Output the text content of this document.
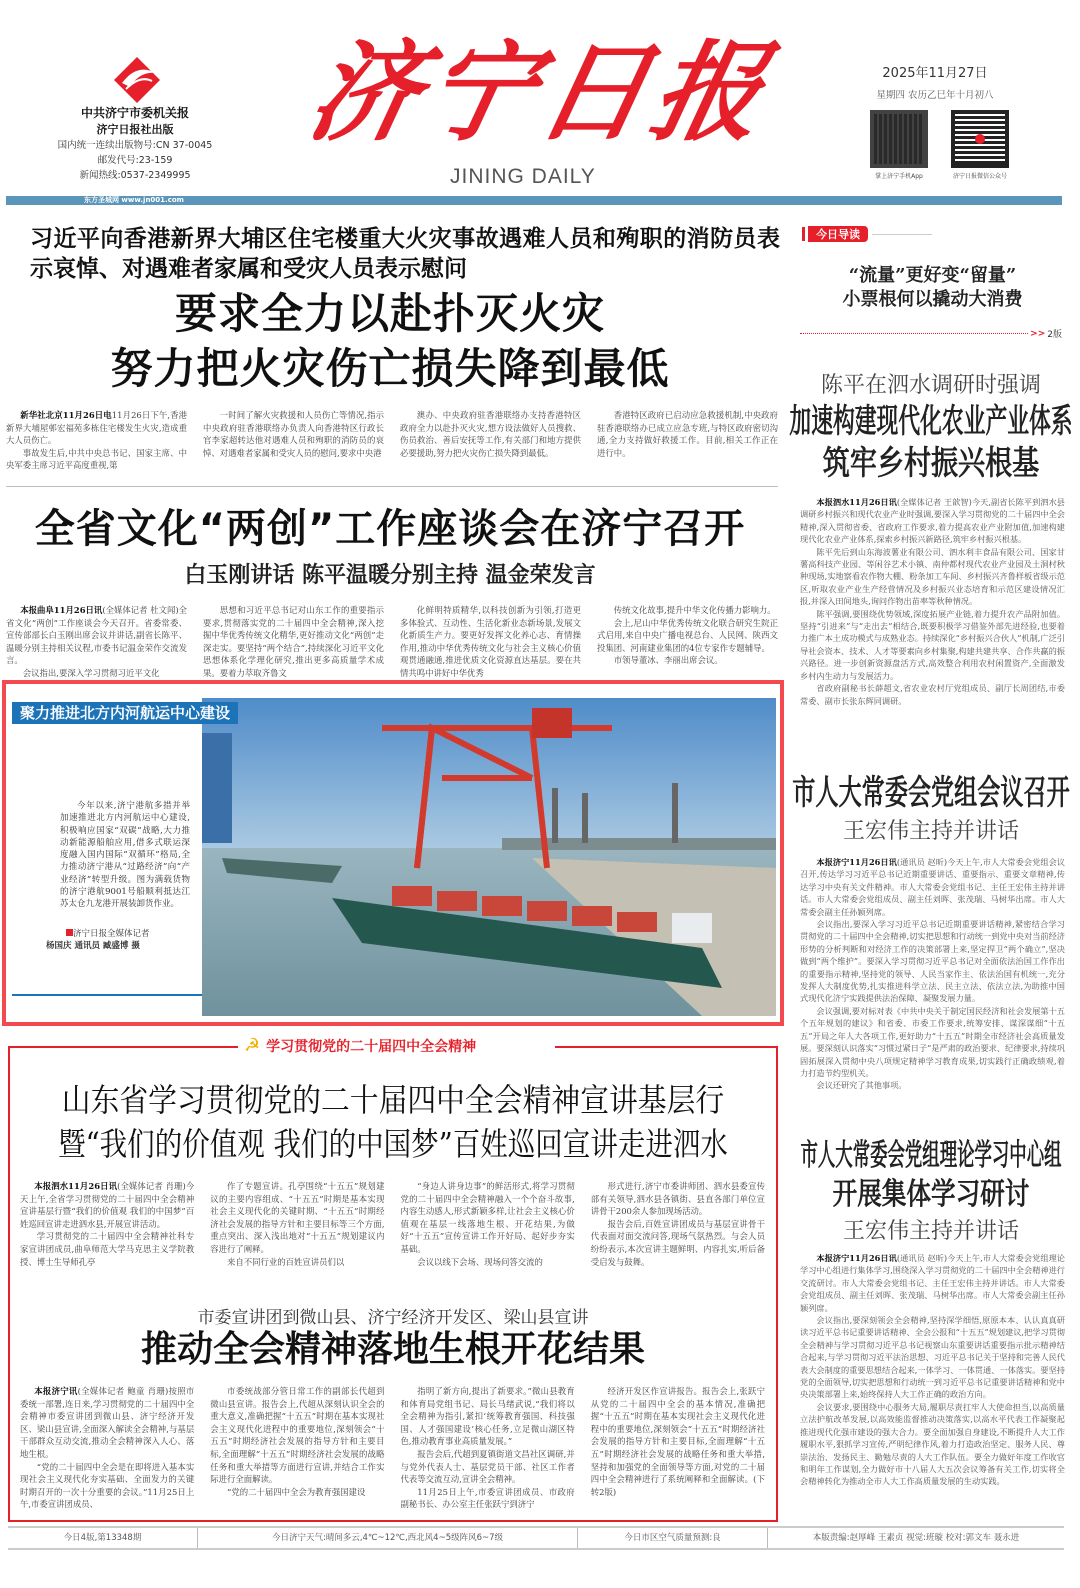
中共济宁市委机关报
济宁日报社出版
国内统一连续出版物号:CN 37-0045
邮发代号:23-159
新闻热线:0537-2349995
济宁日报
JINING DAILY
2025年11月27日
星期四 农历乙巳年十月初八
掌上济宁手机App	济宁日报微信公众号
东方圣城网 www.jn001.com
习近平向香港新界大埔区住宅楼重大火灾事故遇难人员和殉职的消防员表示哀悼、对遇难者家属和受灾人员表示慰问
要求全力以赴扑灭火灾
努力把火灾伤亡损失降到最低

新华社北京11月26日电11月26日下午,香港新界大埔屋邨宏福苑多栋住宅楼发生火灾,造成重大人员伤亡。

事故发生后,中共中央总书记、国家主席、中央军委主席习近平高度重视,第

一时间了解火灾救援和人员伤亡等情况,指示中央政府驻香港联络办负责人向香港特区行政长官李家超转达他对遇难人员和殉职的消防员的哀悼、对遇难者家属和受灾人员的慰问,要求中央港

澳办、中央政府驻香港联络办支持香港特区政府全力以赴扑灭火灾,想方设法做好人员搜救、伤员救治、善后安抚等工作,有关部门和地方提供必要援助,努力把火灾伤亡损失降到最低。

香港特区政府已启动应急救援机制,中央政府驻香港联络办已成立应急专班,与特区政府密切沟通,全力支持做好救援工作。目前,相关工作正在进行中。

全省文化“两创”工作座谈会在济宁召开
白玉刚讲话 陈平温暖分别主持 温金荣发言

本报曲阜11月26日讯(全媒体记者 杜文闻)全省文化“两创”工作座谈会今天召开。省委常委、宣传部部长白玉刚出席会议并讲话,副省长陈平、温暖分别主持相关议程,市委书记温金荣作交流发言。

会议指出,要深入学习贯彻习近平文化

思想和习近平总书记对山东工作的重要指示要求,贯彻落实党的二十届四中全会精神,深入挖掘中华优秀传统文化精华,更好推动文化“两创”走深走实。要坚持“两个结合”,持续深化习近平文化思想体系化学理化研究,推出更多高质量学术成果。要着力萃取齐鲁文

化鲜明特质精华,以科技创新为引领,打造更多体验式、互动性、生活化新业态新场景,发展文化新质生产力。要更好发挥文化养心志、育情操作用,推动中华优秀传统文化与社会主义核心价值观贯通融通,推进优质文化资源直达基层。要在共情共鸣中讲好中华优秀

传统文化故事,提升中华文化传播力影响力。

会上,尼山中华优秀传统文化联合研究生院正式启用,来自中央广播电视总台、人民网、陕西文投集团、河南建业集团的4位专家作专题辅导。

市领导董冰、李丽出席会议。

聚力推进北方内河航运中心建设
今年以来,济宁港航多措并举加速推进北方内河航运中心建设,积极响应国家“双碳”战略,大力推动新能源船舶应用,借多式联运深度融入国内国际“双循环”格局,全力推动济宁港从“过路经济”向“产业经济”转型升级。图为满载货物的济宁港航9001号船顺利抵达江苏太仓九龙港开展装卸货作业。
济宁日报全媒体记者
杨国庆 通讯员 臧盛博 摄
☭ 学习贯彻党的二十届四中全会精神
山东省学习贯彻党的二十届四中全会精神宣讲基层行
暨“我们的价值观 我们的中国梦”百姓巡回宣讲走进泗水

本报泗水11月26日讯(全媒体记者 肖珊)今天上午,全省学习贯彻党的二十届四中全会精神宣讲基层行暨“我们的价值观 我们的中国梦”百姓巡回宣讲走进泗水县,开展宣讲活动。

学习贯彻党的二十届四中全会精神社科专家宣讲团成员,曲阜师范大学马克思主义学院教授、博士生导师孔亭

作了专题宣讲。孔亭围绕“十五五”规划建议的主要内容组成、“十五五”时期是基本实现社会主义现代化的关键时期、“十五五”时期经济社会发展的指导方针和主要目标等三个方面,重点突出、深入浅出地对“十五五”规划建议内容进行了阐释。

来自不同行业的百姓宣讲员们以

“身边人讲身边事”的鲜活形式,将学习贯彻党的二十届四中全会精神融入一个个奋斗故事,内容生动感人,形式新颖多样,让社会主义核心价值观在基层一线落地生根、开花结果,为做好“十五五”宣传宣讲工作开好局、起好步夯实基础。

会议以线下会场、现场问答交流的

形式进行,济宁市委讲师团、泗水县委宣传部有关领导,泗水县各镇街、县直各部门单位宣讲骨干200余人参加现场活动。

报告会后,百姓宣讲团成员与基层宣讲骨干代表面对面交流问答,现场气氛热烈。与会人员纷纷表示,本次宣讲主题鲜明、内容扎实,听后备受启发与鼓舞。

市委宣讲团到微山县、济宁经济开发区、梁山县宣讲
推动全会精神落地生根开花结果

本报济宁讯(全媒体记者 鲍童 肖珊)按照市委统一部署,连日来,学习贯彻党的二十届四中全会精神市委宣讲团到微山县、济宁经济开发区、梁山县宣讲,全面深入解读全会精神,与基层干部群众互动交流,推动全会精神深入人心、落地生根。

“党的二十届四中全会是在即将进入基本实现社会主义现代化夯实基础、全面发力的关键时期召开的一次十分重要的会议。”11月25日上午,市委宣讲团成员、

市委统战部分管日常工作的副部长代超到微山县宣讲。报告会上,代超从深刻认识全会的重大意义,准确把握“十五五”时期在基本实现社会主义现代化进程中的重要地位,深刻领会“十五五”时期经济社会发展的指导方针和主要目标,全面理解“十五五”时期经济社会发展的战略任务和重大举措等方面进行宣讲,并结合工作实际进行全面解读。

“党的二十届四中全会为教育强国建设

指明了新方向,提出了新要求。”微山县教育和体育局党组书记、局长马绪武说,“我们将以全会精神为指引,紧扣‘统筹教育强国、科技强国、人才强国建设’核心任务,立足微山湖区特色,推动教育事业高质量发展。”

报告会后,代超到夏镇街道文昌社区调研,并与党外代表人士、基层党员干部、社区工作者代表等交流互动,宣讲全会精神。

11月25日上午,市委宣讲团成员、市政府副秘书长、办公室主任张跃宁到济宁

经济开发区作宣讲报告。报告会上,张跃宁从党的二十届四中全会的基本情况,准确把握“十五五”时期在基本实现社会主义现代化进程中的重要地位,深刻领会“十五五”时期经济社会发展的指导方针和主要目标,全面理解“十五五”时期经济社会发展的战略任务和重大举措,坚持和加强党的全面领导等方面,对党的二十届四中全会精神进行了系统阐释和全面解读。(下转2版)

今日导读
“流量”更好变“留量”
小票根何以撬动大消费
>> 2版
陈平在泗水调研时强调
加速构建现代化农业产业体系
筑牢乡村振兴根基

本报泗水11月26日讯(全媒体记者 王歆智)今天,副省长陈平到泗水县调研乡村振兴和现代农业产业时强调,要深入学习贯彻党的二十届四中全会精神,深入贯彻省委、省政府工作要求,着力提高农业产业附加值,加速构建现代化农业产业体系,探索乡村振兴新路径,筑牢乡村振兴根基。

陈平先后到山东海波薯业有限公司、泗水利丰食品有限公司、国家甘薯高科技产业园、等闲谷艺术小镇、南仲都村现代农业产业园及土洞村秋种现场,实地察看农作物大棚、粉条加工车间、乡村振兴齐鲁样板省级示范区,听取农业产业生产经营情况及乡村振兴业态培育和示范区建设情况汇报,并深入田间地头,询问作物出苗率等秋种情况。

陈平强调,要围绕优势领域,深度拓展产业链,着力提升农产品附加值。坚持“引进来”与“走出去”相结合,既要积极学习借鉴外部先进经验,也要着力推广本土成功模式与成熟业态。持续深化“乡村振兴合伙人”机制,广泛引导社会资本、技术、人才等要素向乡村集聚,构建共建共享、合作共赢的振兴路径。进一步创新资源盘活方式,高效整合利用农村闲置资产,全面激发乡村内生动力与发展活力。

省政府副秘书长薛超文,省农业农村厅党组成员、副厅长周团结,市委常委、副市长张东辉同调研。

市人大常委会党组会议召开
王宏伟主持并讲话

本报济宁11月26日讯(通讯员 赵昕)今天上午,市人大常委会党组会议召开,传达学习习近平总书记近期重要讲话、重要指示、重要文章精神,传达学习中央有关文件精神。市人大常委会党组书记、主任王宏伟主持并讲话。市人大常委会党组成员、副主任刘晖、张茂瑞、马树华出席。市人大常委会副主任孙颖列席。

会议指出,要深入学习习近平总书记近期重要讲话精神,紧密结合学习贯彻党的二十届四中全会精神,切实把思想和行动统一到党中央对当前经济形势的分析判断和对经济工作的决策部署上来,坚定捍卫“两个确立”,坚决做到“两个维护”。要深入学习贯彻习近平总书记对全面依法治国工作作出的重要指示精神,坚持党的领导、人民当家作主、依法治国有机统一,充分发挥人大制度优势,扎实推进科学立法、民主立法、依法立法,为助推中国式现代化济宁实践提供法治保障、凝聚发展力量。

会议强调,要对标对表《中共中央关于制定国民经济和社会发展第十五个五年规划的建议》和省委、市委工作要求,统筹安排、谋深谋细“十五五”开局之年人大各项工作,更好助力“十五五”时期全市经济社会高质量发展。要深刻认识落实“习惯过紧日子”是严肃的政治要求、纪律要求,持续巩固拓展深入贯彻中央八项规定精神学习教育成果,切实践行正确政绩观,着力打造节约型机关。

会议还研究了其他事项。

市人大常委会党组理论学习中心组
开展集体学习研讨
王宏伟主持并讲话

本报济宁11月26日讯(通讯员 赵昕)今天上午,市人大常委会党组理论学习中心组进行集体学习,围绕深入学习贯彻党的二十届四中全会精神进行交流研讨。市人大常委会党组书记、主任王宏伟主持并讲话。市人大常委会党组成员、副主任刘晖、张茂瑞、马树华出席。市人大常委会副主任孙颖列席。

会议指出,要深刻领会全会精神,坚持深学细悟,原原本本、认认真真研读习近平总书记重要讲话精神、全会公报和“十五五”规划建议,把学习贯彻全会精神与学习贯彻习近平总书记视察山东重要讲话重要指示批示精神结合起来,与学习贯彻习近平法治思想、习近平总书记关于坚持和完善人民代表大会制度的重要思想结合起来,一体学习、一体贯通、一体落实。要坚持党的全面领导,切实把思想和行动统一到习近平总书记重要讲话精神和党中央决策部署上来,始终保持人大工作正确的政治方向。

会议要求,要围绕中心服务大局,履职尽责扛牢人大使命担当,以高质量立法护航改革发展,以高效能监督推动决策落实,以高水平代表工作凝聚起推进现代化强市建设的强大合力。要全面加强自身建设,不断提升人大工作履职水平,狠抓学习宣传,严明纪律作风,着力打造政治坚定、服务人民、尊崇法治、发扬民主、勤勉尽责的人大工作队伍。要全力做好年度工作收官和明年工作谋划,全力做好市十八届人大五次会议筹备有关工作,切实将全会精神转化为推动全市人大工作高质量发展的生动实践。

今日4版,第13348期	今日济宁天气:晴间多云,4℃~12℃,西北风4~5级阵风6~7级	今日市区空气质量预测:良	本版责编:赵厚峰 王素贞 视觉:班璇 校对:郭文车 聂永进
